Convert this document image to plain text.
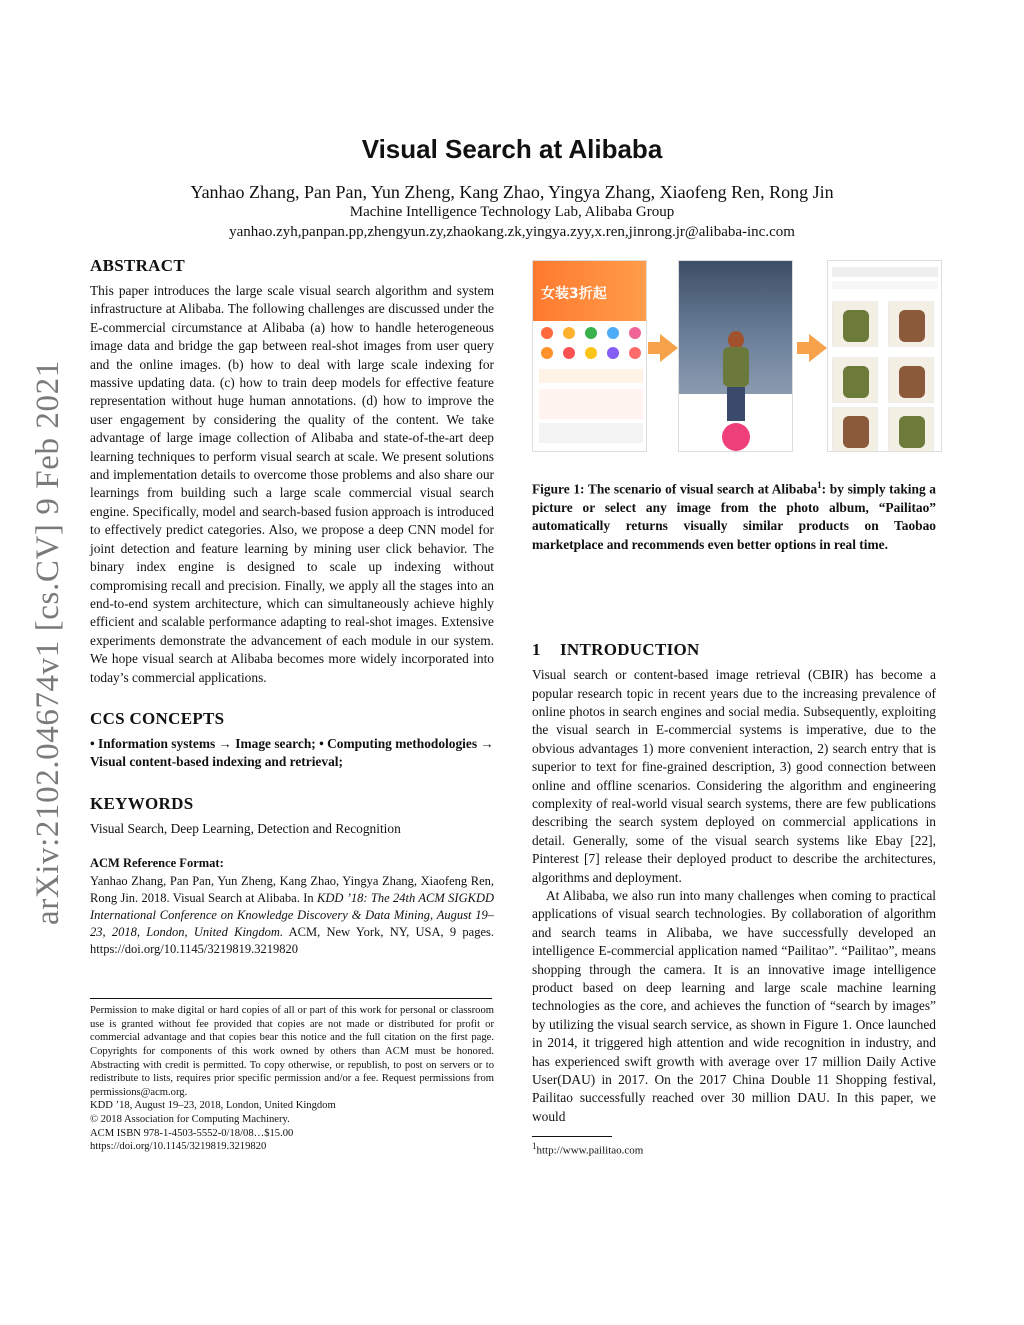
arXiv:2102.04674v1 [cs.CV] 9 Feb 2021
Visual Search at Alibaba
Yanhao Zhang, Pan Pan, Yun Zheng, Kang Zhao, Yingya Zhang, Xiaofeng Ren, Rong Jin
Machine Intelligence Technology Lab, Alibaba Group
yanhao.zyh,panpan.pp,zhengyun.zy,zhaokang.zk,yingya.zyy,x.ren,jinrong.jr@alibaba-inc.com
ABSTRACT
This paper introduces the large scale visual search algorithm and system infrastructure at Alibaba. The following challenges are discussed under the E-commercial circumstance at Alibaba (a) how to handle heterogeneous image data and bridge the gap between real-shot images from user query and the online images. (b) how to deal with large scale indexing for massive updating data. (c) how to train deep models for effective feature representation without huge human annotations. (d) how to improve the user engagement by considering the quality of the content. We take advantage of large image collection of Alibaba and state-of-the-art deep learning techniques to perform visual search at scale. We present solutions and implementation details to overcome those problems and also share our learnings from building such a large scale commercial visual search engine. Specifically, model and search-based fusion approach is introduced to effectively predict categories. Also, we propose a deep CNN model for joint detection and feature learning by mining user click behavior. The binary index engine is designed to scale up indexing without compromising recall and precision. Finally, we apply all the stages into an end-to-end system architecture, which can simultaneously achieve highly efficient and scalable performance adapting to real-shot images. Extensive experiments demonstrate the advancement of each module in our system. We hope visual search at Alibaba becomes more widely incorporated into today’s commercial applications.
CCS CONCEPTS
• Information systems → Image search; • Computing methodologies → Visual content-based indexing and retrieval;
KEYWORDS
Visual Search, Deep Learning, Detection and Recognition
ACM Reference Format:
Yanhao Zhang, Pan Pan, Yun Zheng, Kang Zhao, Yingya Zhang, Xiaofeng Ren, Rong Jin. 2018. Visual Search at Alibaba. In KDD ’18: The 24th ACM SIGKDD International Conference on Knowledge Discovery & Data Mining, August 19–23, 2018, London, United Kingdom. ACM, New York, NY, USA, 9 pages. https://doi.org/10.1145/3219819.3219820
Permission to make digital or hard copies of all or part of this work for personal or classroom use is granted without fee provided that copies are not made or distributed for profit or commercial advantage and that copies bear this notice and the full citation on the first page. Copyrights for components of this work owned by others than ACM must be honored. Abstracting with credit is permitted. To copy otherwise, or republish, to post on servers or to redistribute to lists, requires prior specific permission and/or a fee. Request permissions from permissions@acm.org.
KDD ’18, August 19–23, 2018, London, United Kingdom
© 2018 Association for Computing Machinery.
ACM ISBN 978-1-4503-5552-0/18/08…$15.00
https://doi.org/10.1145/3219819.3219820
女装3折起
Figure 1: The scenario of visual search at Alibaba$^1$: by simply taking a picture or select any image from the photo album, “Pailitao” automatically returns visually similar products on Taobao marketplace and recommends even better options in real time.
1 INTRODUCTION
Visual search or content-based image retrieval (CBIR) has become a popular research topic in recent years due to the increasing prevalence of online photos in search engines and social media. Subsequently, exploiting the visual search in E-commercial systems is imperative, due to the obvious advantages 1) more convenient interaction, 2) search entry that is superior to text for fine-grained description, 3) good connection between online and offline scenarios. Considering the algorithm and engineering complexity of real-world visual search systems, there are few publications describing the search system deployed on commercial applications in detail. Generally, some of the visual search systems like Ebay [22], Pinterest [7] release their deployed product to describe the architectures, algorithms and deployment.
At Alibaba, we also run into many challenges when coming to practical applications of visual search technologies. By collaboration of algorithm and search teams in Alibaba, we have successfully developed an intelligence E-commercial application named “Pailitao”. “Pailitao”, means shopping through the camera. It is an innovative image intelligence product based on deep learning and large scale machine learning technologies as the core, and achieves the function of “search by images” by utilizing the visual search service, as shown in Figure 1. Once launched in 2014, it triggered high attention and wide recognition in industry, and has experienced swift growth with average over 17 million Daily Active User(DAU) in 2017. On the 2017 China Double 11 Shopping festival, Pailitao successfully reached over 30 million DAU. In this paper, we would
$^1$http://www.pailitao.com
